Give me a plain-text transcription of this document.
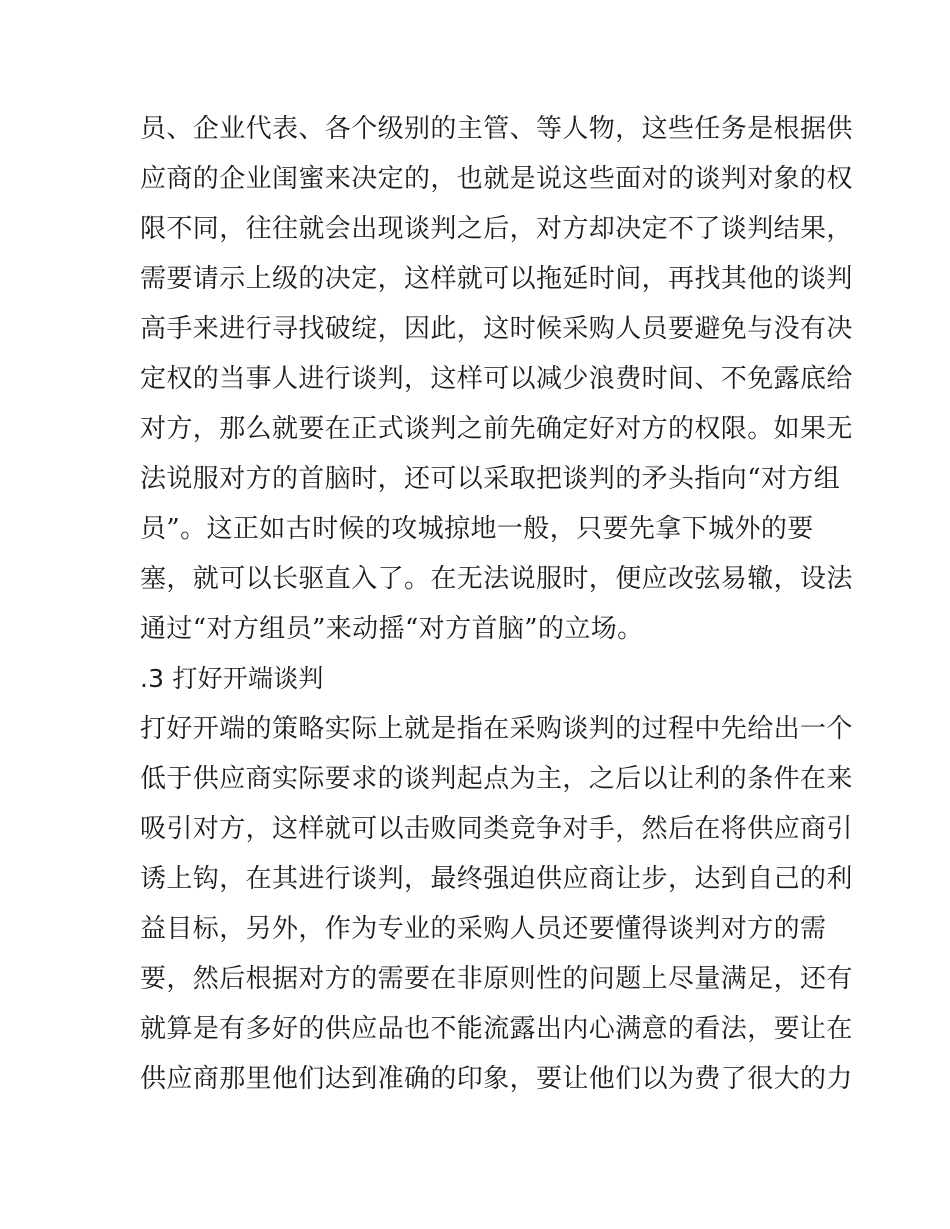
员、企业代表、各个级别的主管、等人物，这些任务是根据供
应商的企业闺蜜来决定的，也就是说这些面对的谈判对象的权
限不同，往往就会出现谈判之后，对方却决定不了谈判结果，
需要请示上级的决定，这样就可以拖延时间，再找其他的谈判
高手来进行寻找破绽，因此，这时候采购人员要避免与没有决
定权的当事人进行谈判，这样可以减少浪费时间、不免露底给
对方，那么就要在正式谈判之前先确定好对方的权限。如果无
法说服对方的首脑时，还可以采取把谈判的矛头指向“对方组
员”。这正如古时候的攻城掠地一般，只要先拿下城外的要
塞，就可以长驱直入了。在无法说服时，便应改弦易辙，设法
通过“对方组员”来动摇“对方首脑”的立场。
.3 打好开端谈判
打好开端的策略实际上就是指在采购谈判的过程中先给出一个
低于供应商实际要求的谈判起点为主，之后以让利的条件在来
吸引对方，这样就可以击败同类竞争对手，然后在将供应商引
诱上钩，在其进行谈判，最终强迫供应商让步，达到自己的利
益目标，另外，作为专业的采购人员还要懂得谈判对方的需
要，然后根据对方的需要在非原则性的问题上尽量满足，还有
就算是有多好的供应品也不能流露出内心满意的看法，要让在
供应商那里他们达到准确的印象，要让他们以为费了很大的力
